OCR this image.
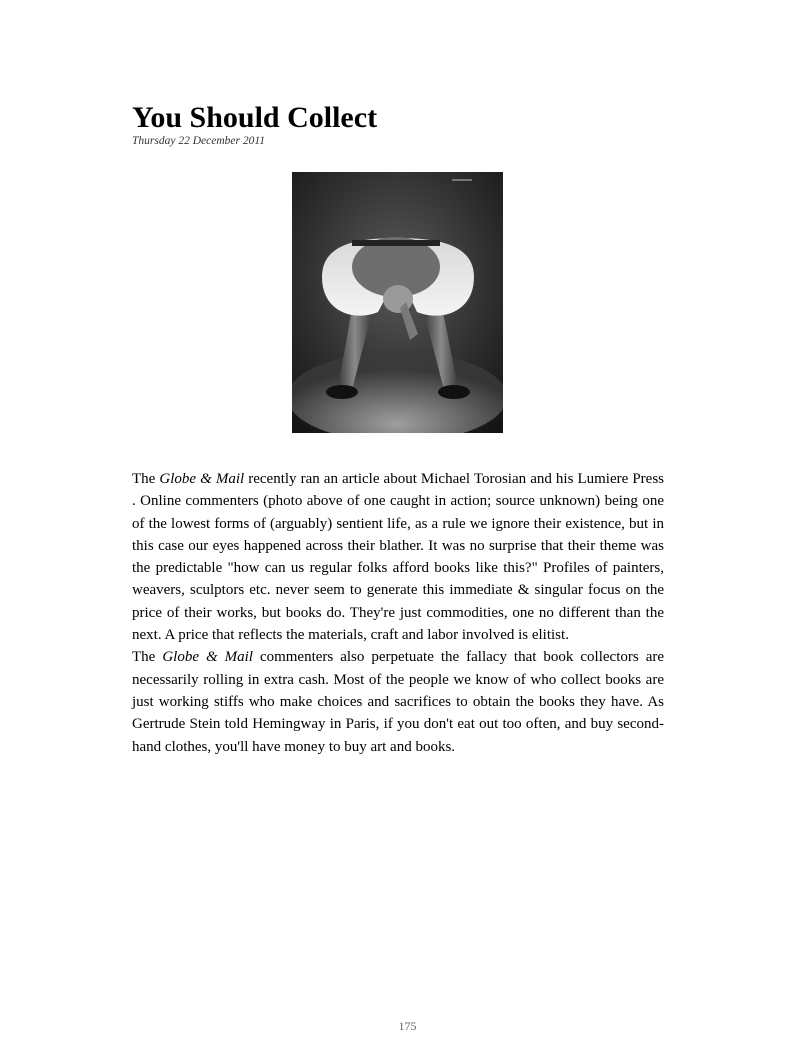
You Should Collect
Thursday 22 December 2011

The Globe & Mail recently ran an article about Michael Torosian and his Lumiere Press . Online commenters (photo above of one caught in action; source unknown) being one of the lowest forms of (arguably) sentient life, as a rule we ignore their existence, but in this case our eyes happened across their blather. It was no surprise that their theme was the predictable "how can us regular folks afford books like this?" Profiles of painters, weavers, sculptors etc. never seem to generate this immediate & singular focus on the price of their works, but books do. They're just commodities, one no different than the next. A price that reflects the materials, craft and labor involved is elitist.

The Globe & Mail commenters also perpetuate the fallacy that book collectors are necessarily rolling in extra cash. Most of the people we know of who collect books are just working stiffs who make choices and sacrifices to obtain the books they have. As Gertrude Stein told Hemingway in Paris, if you don't eat out too often, and buy second-hand clothes, you'll have money to buy art and books.

175
